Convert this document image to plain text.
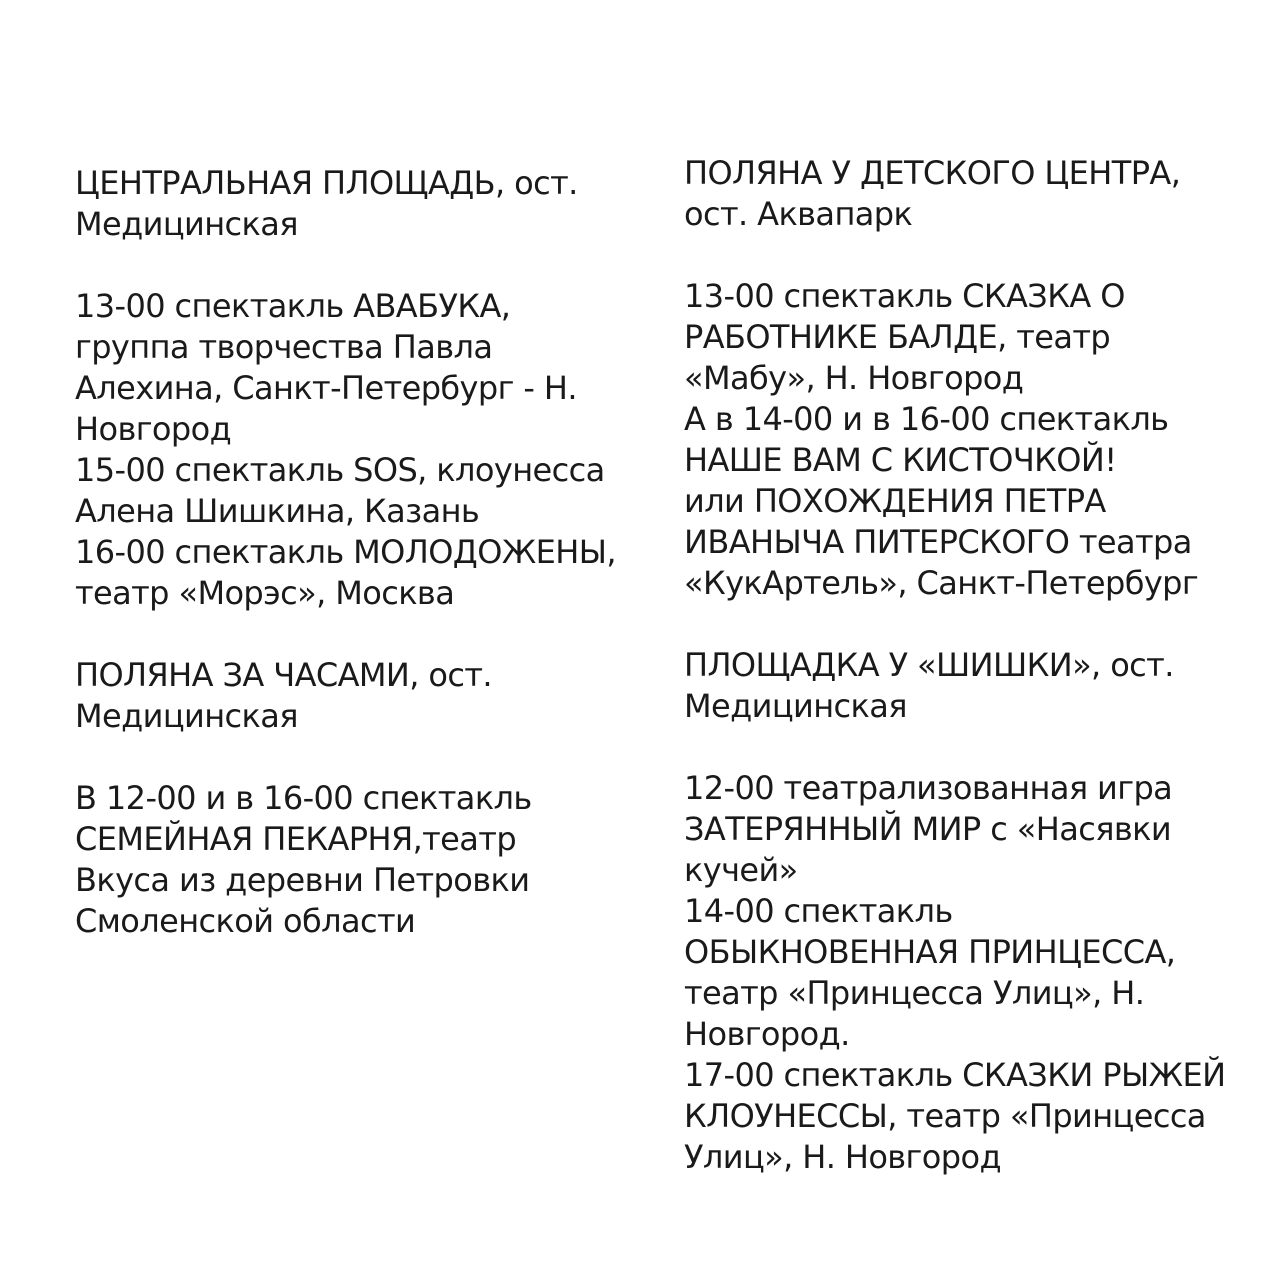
ЦЕНТРАЛЬНАЯ ПЛОЩАДЬ, ост.
Медицинская
13-00 спектакль АВАБУКА,
группа творчества Павла
Алехина, Санкт-Петербург - Н.
Новгород
15-00 спектакль SOS, клоунесса
Алена Шишкина, Казань
16-00 спектакль МОЛОДОЖЕНЫ,
театр «Морэс», Москва
ПОЛЯНА ЗА ЧАСАМИ, ост.
Медицинская
В 12-00 и в 16-00 спектакль
СЕМЕЙНАЯ ПЕКАРНЯ,театр
Вкуса из деревни Петровки
Смоленской области
ПОЛЯНА У ДЕТСКОГО ЦЕНТРА,
ост. Аквапарк
13-00 спектакль СКАЗКА О
РАБОТНИКЕ БАЛДЕ, театр
«Мабу», Н. Новгород
А в 14-00 и в 16-00 спектакль
НАШЕ ВАМ С КИСТОЧКОЙ!
или ПОХОЖДЕНИЯ ПЕТРА
ИВАНЫЧА ПИТЕРСКОГО театра
«КукАртель», Санкт-Петербург
ПЛОЩАДКА У «ШИШКИ», ост.
Медицинская
12-00 театрализованная игра
ЗАТЕРЯННЫЙ МИР с «Насявки
кучей»
14-00 спектакль
ОБЫКНОВЕННАЯ ПРИНЦЕССА,
театр «Принцесса Улиц», Н.
Новгород.
17-00 спектакль СКАЗКИ РЫЖЕЙ
КЛОУНЕССЫ, театр «Принцесса
Улиц», Н. Новгород
